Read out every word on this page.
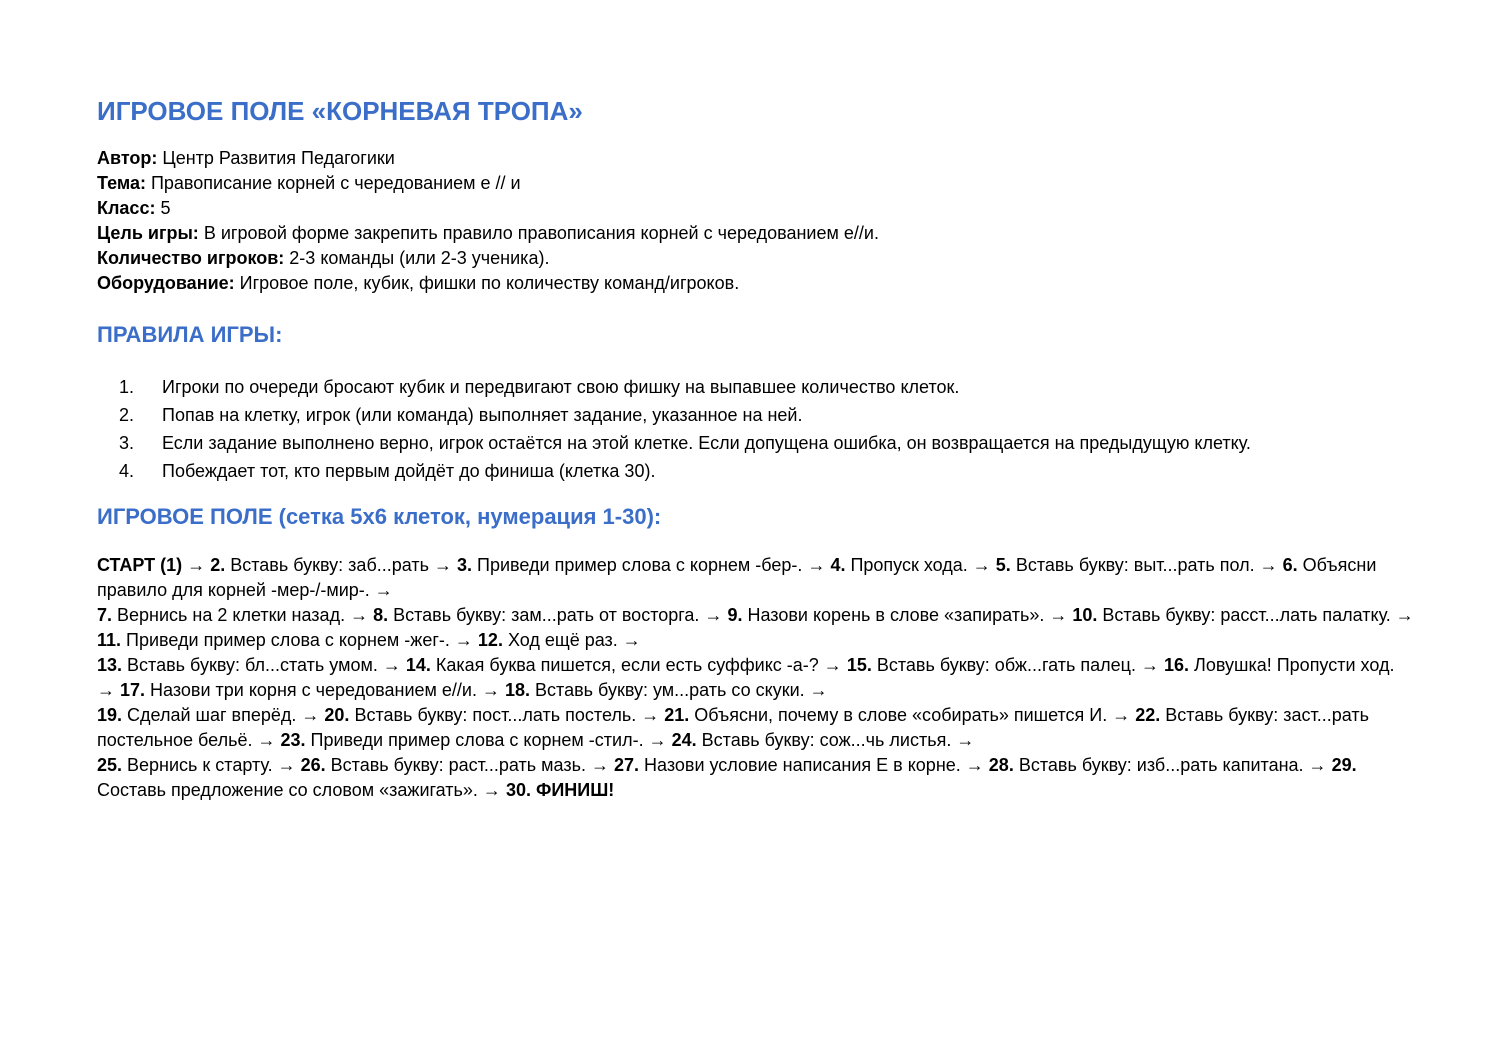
ИГРОВОЕ ПОЛЕ «КОРНЕВАЯ ТРОПА»
Автор: Центр Развития Педагогики
Тема: Правописание корней с чередованием е // и
Класс: 5
Цель игры: В игровой форме закрепить правило правописания корней с чередованием е//и.
Количество игроков: 2-3 команды (или 2-3 ученика).
Оборудование: Игровое поле, кубик, фишки по количеству команд/игроков.
ПРАВИЛА ИГРЫ:
1. Игроки по очереди бросают кубик и передвигают свою фишку на выпавшее количество клеток.
2. Попав на клетку, игрок (или команда) выполняет задание, указанное на ней.
3. Если задание выполнено верно, игрок остаётся на этой клетке. Если допущена ошибка, он возвращается на предыдущую клетку.
4. Побеждает тот, кто первым дойдёт до финиша (клетка 30).
ИГРОВОЕ ПОЛЕ (сетка 5х6 клеток, нумерация 1-30):
СТАРТ (1) → 2. Вставь букву: заб...рать → 3. Приведи пример слова с корнем -бер-. → 4. Пропуск хода. → 5. Вставь букву: выт...рать пол. → 6. Объясни правило для корней -мер-/-мир-. →
7. Вернись на 2 клетки назад. → 8. Вставь букву: зам...рать от восторга. → 9. Назови корень в слове «запирать». → 10. Вставь букву: расст...лать палатку. → 11. Приведи пример слова с корнем -жег-. → 12. Ход ещё раз. →
13. Вставь букву: бл...стать умом. → 14. Какая буква пишется, если есть суффикс -а-? → 15. Вставь букву: обж...гать палец. → 16. Ловушка! Пропусти ход. → 17. Назови три корня с чередованием е//и. → 18. Вставь букву: ум...рать со скуки. →
19. Сделай шаг вперёд. → 20. Вставь букву: пост...лать постель. → 21. Объясни, почему в слове «собирать» пишется И. → 22. Вставь букву: заст...рать постельное бельё. → 23. Приведи пример слова с корнем -стил-. → 24. Вставь букву: сож...чь листья. →
25. Вернись к старту. → 26. Вставь букву: раст...рать мазь. → 27. Назови условие написания Е в корне. → 28. Вставь букву: изб...рать капитана. → 29. Составь предложение со словом «зажигать». → 30. ФИНИШ!
